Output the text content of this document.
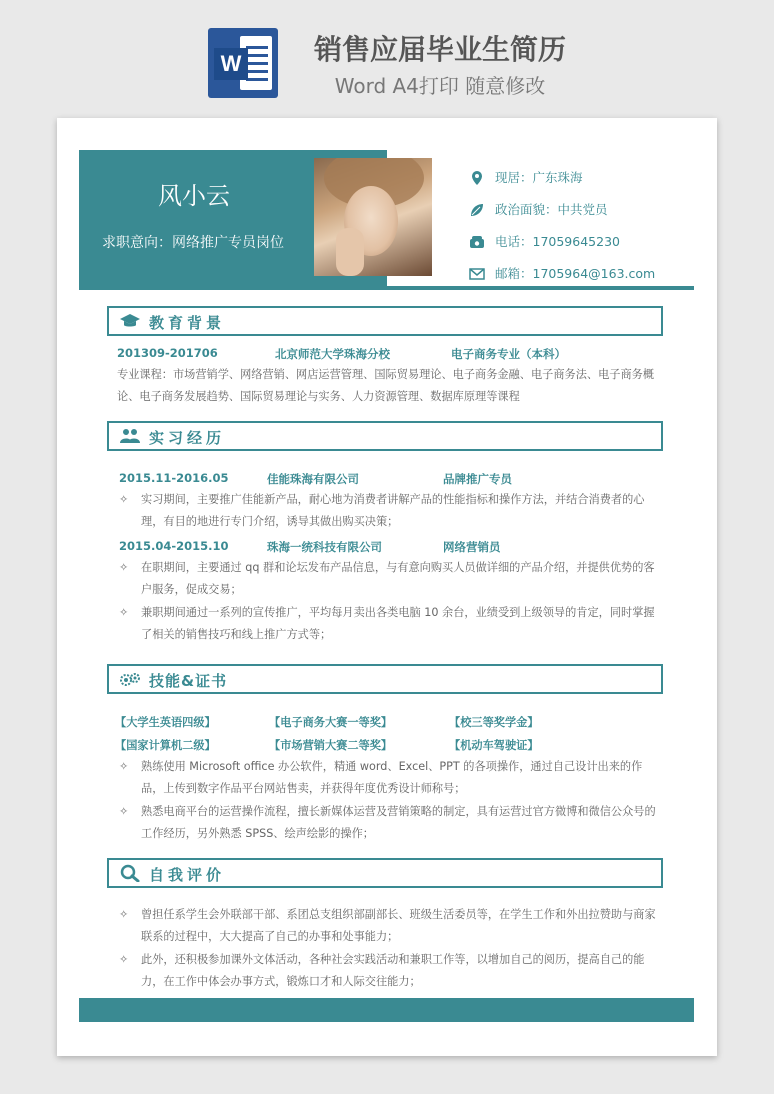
W	销售应届毕业生简历
Word A4打印 随意修改
风小云
求职意向：网络推广专员岗位
现居：广东珠海
政治面貌：中共党员
电话：17059645230
邮箱：1705964@163.com
教育背景
201309-201706	北京师范大学珠海分校	电子商务专业（本科）
专业课程：市场营销学、网络营销、网店运营管理、国际贸易理论、电子商务金融、电子商务法、电子商务概论、电子商务发展趋势、国际贸易理论与实务、人力资源管理、数据库原理等课程
实习经历
2015.11-2016.05	佳能珠海有限公司	品牌推广专员
✧ 实习期间，主要推广佳能新产品，耐心地为消费者讲解产品的性能指标和操作方法，并结合消费者的心理，有目的地进行专门介绍，诱导其做出购买决策；
2015.04-2015.10	珠海一统科技有限公司	网络营销员
✧ 在职期间，主要通过 qq 群和论坛发布产品信息，与有意向购买人员做详细的产品介绍，并提供优势的客户服务，促成交易；
✧ 兼职期间通过一系列的宣传推广，平均每月卖出各类电脑 10 余台，业绩受到上级领导的肯定，同时掌握了相关的销售技巧和线上推广方式等；
技能&证书
【大学生英语四级】	【电子商务大赛一等奖】	【校三等奖学金】
【国家计算机二级】	【市场营销大赛二等奖】	【机动车驾驶证】
✧ 熟练使用 Microsoft office 办公软件，精通 word、Excel、PPT 的各项操作，通过自己设计出来的作品，上传到数字作品平台网站售卖，并获得年度优秀设计师称号；
✧ 熟悉电商平台的运营操作流程，擅长新媒体运营及营销策略的制定，具有运营过官方微博和微信公众号的工作经历，另外熟悉 SPSS、绘声绘影的操作；
自我评价
✧ 曾担任系学生会外联部干部、系团总支组织部副部长、班级生活委员等，在学生工作和外出拉赞助与商家联系的过程中，大大提高了自己的办事和处事能力；
✧ 此外，还积极参加课外文体活动，各种社会实践活动和兼职工作等，以增加自己的阅历，提高自己的能力，在工作中体会办事方式，锻炼口才和人际交往能力；
